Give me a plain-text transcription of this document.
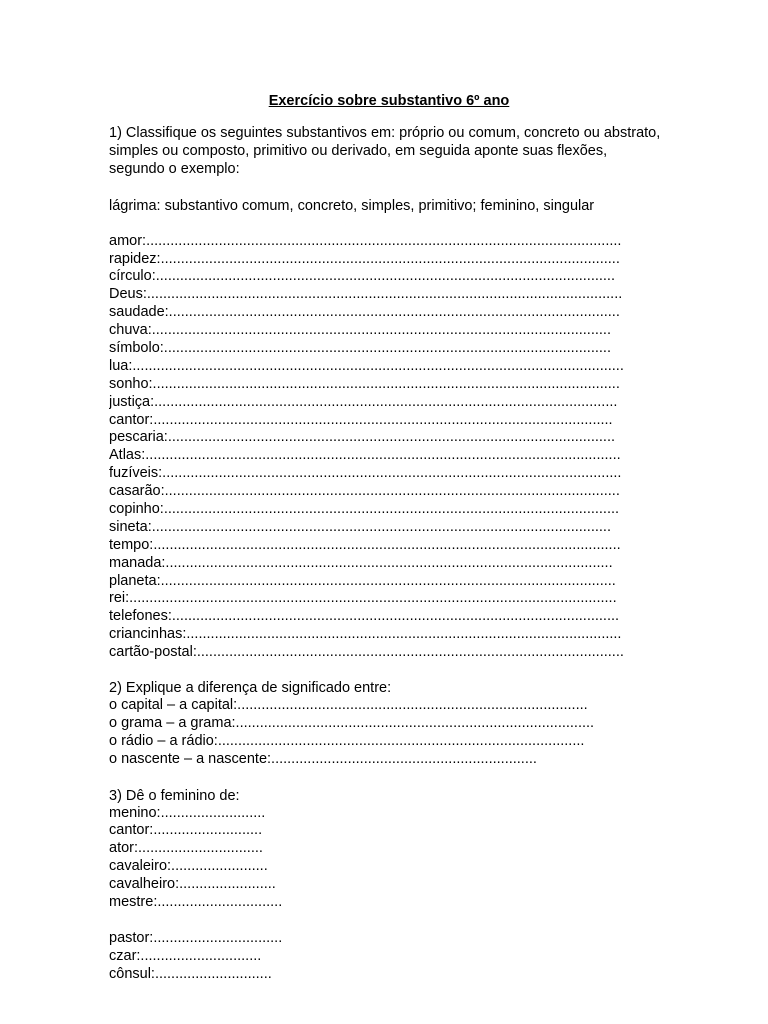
Exercício sobre substantivo 6º ano

1) Classifique os seguintes substantivos em: próprio ou comum, concreto ou abstrato, simples ou composto, primitivo ou derivado, em seguida aponte suas flexões, segundo o exemplo:

lágrima: substantivo comum, concreto, simples, primitivo; feminino, singular

amor:......................................................................................................................
rapidez:..................................................................................................................
círculo:..................................................................................................................
Deus:......................................................................................................................
saudade:................................................................................................................
chuva:..................................................................................................................
símbolo:...............................................................................................................
lua:..........................................................................................................................
sonho:....................................................................................................................
justiça:...................................................................................................................
cantor:..................................................................................................................
pescaria:...............................................................................................................
Atlas:......................................................................................................................
fuzíveis:..................................................................................................................
casarão:.................................................................................................................
copinho:.................................................................................................................
sineta:..................................................................................................................
tempo:....................................................................................................................
manada:...............................................................................................................
planeta:.................................................................................................................
rei:.........................................................................................................................
telefones:...............................................................................................................
criancinhas:............................................................................................................
cartão-postal:..........................................................................................................

2) Explique a diferença de significado entre:

o capital – a capital:.......................................................................................
o grama – a grama:.........................................................................................
o rádio – a rádio:...........................................................................................
o nascente – a nascente:..................................................................

3) Dê o feminino de:

menino:..........................
cantor:...........................
ator:...............................
cavaleiro:........................
cavalheiro:........................
mestre:...............................
pastor:................................
czar:..............................
cônsul:.............................
